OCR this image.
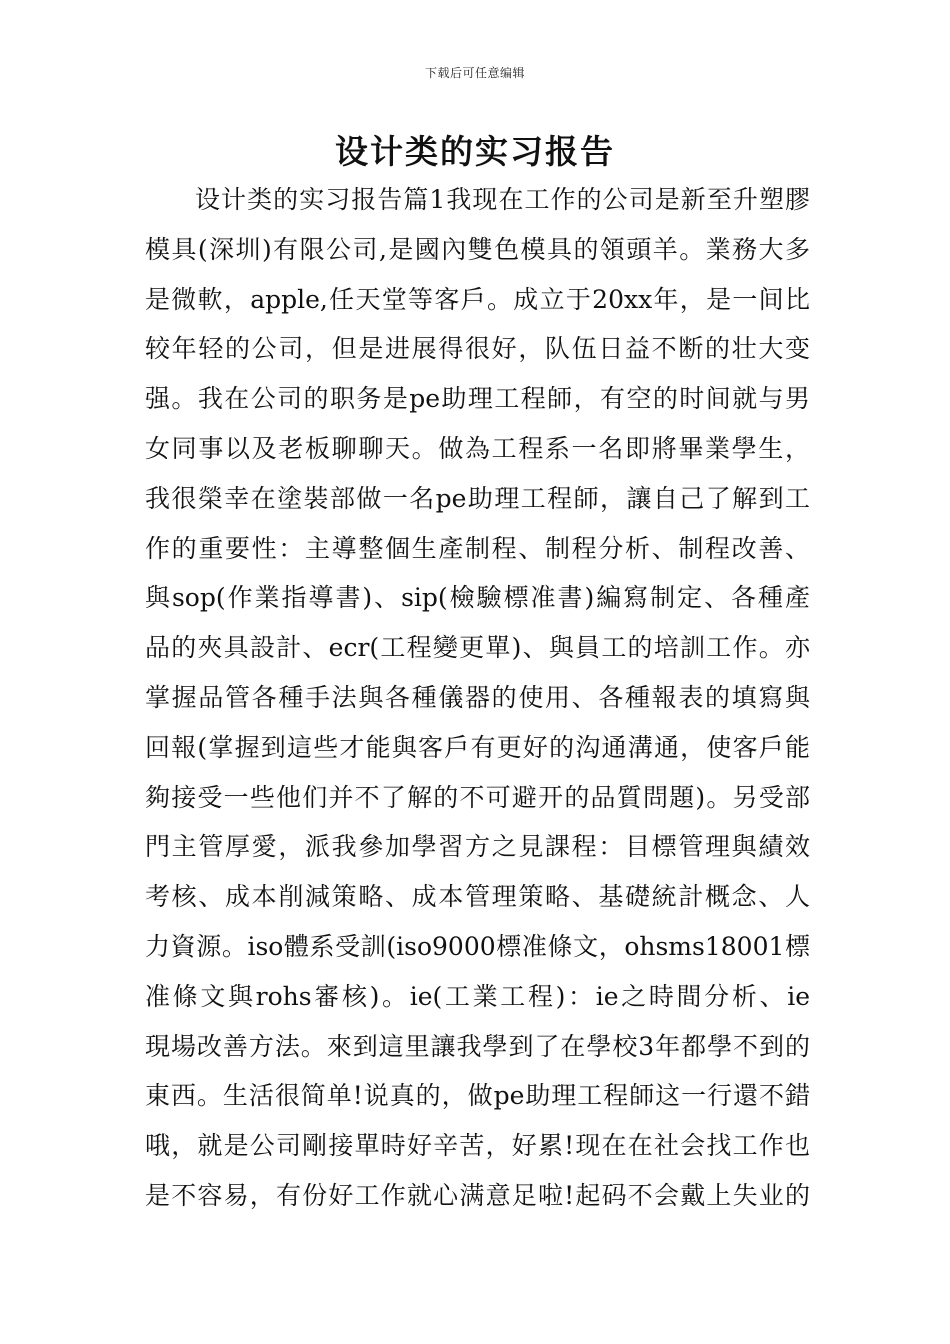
下载后可任意编辑
设计类的实习报告
设计类的实习报告篇1我现在工作的公司是新至升塑膠
模具(深圳)有限公司,是國內雙色模具的領頭羊。業務大多
是微軟，apple,任天堂等客戶。成立于20xx年，是一间比
较年轻的公司，但是进展得很好，队伍日益不断的壮大变
强。我在公司的职务是pe助理工程師，有空的时间就与男
女同事以及老板聊聊天。做為工程系一名即將畢業學生，
我很榮幸在塗裝部做一名pe助理工程師，讓自己了解到工
作的重要性：主導整個生產制程、制程分析、制程改善、
與sop(作業指導書)、sip(檢驗標准書)編寫制定、各種產
品的夾具設計、ecr(工程變更單)、與員工的培訓工作。亦
掌握品管各種手法與各種儀器的使用、各種報表的填寫與
回報(掌握到這些才能與客戶有更好的沟通溝通，使客戶能
夠接受一些他们并不了解的不可避开的品質問題)。另受部
門主管厚愛，派我參加學習方之見課程：目標管理與績效
考核、成本削減策略、成本管理策略、基礎統計概念、人
力資源。iso體系受訓(iso9000標准條文，ohsms18001標
准條文與rohs審核)。ie(工業工程)：ie之時間分析、ie
現場改善方法。來到這里讓我學到了在學校3年都學不到的
東西。生活很简单!说真的，做pe助理工程師这一行還不錯
哦，就是公司剛接單時好辛苦，好累!现在在社会找工作也
是不容易，有份好工作就心满意足啦!起码不会戴上失业的
